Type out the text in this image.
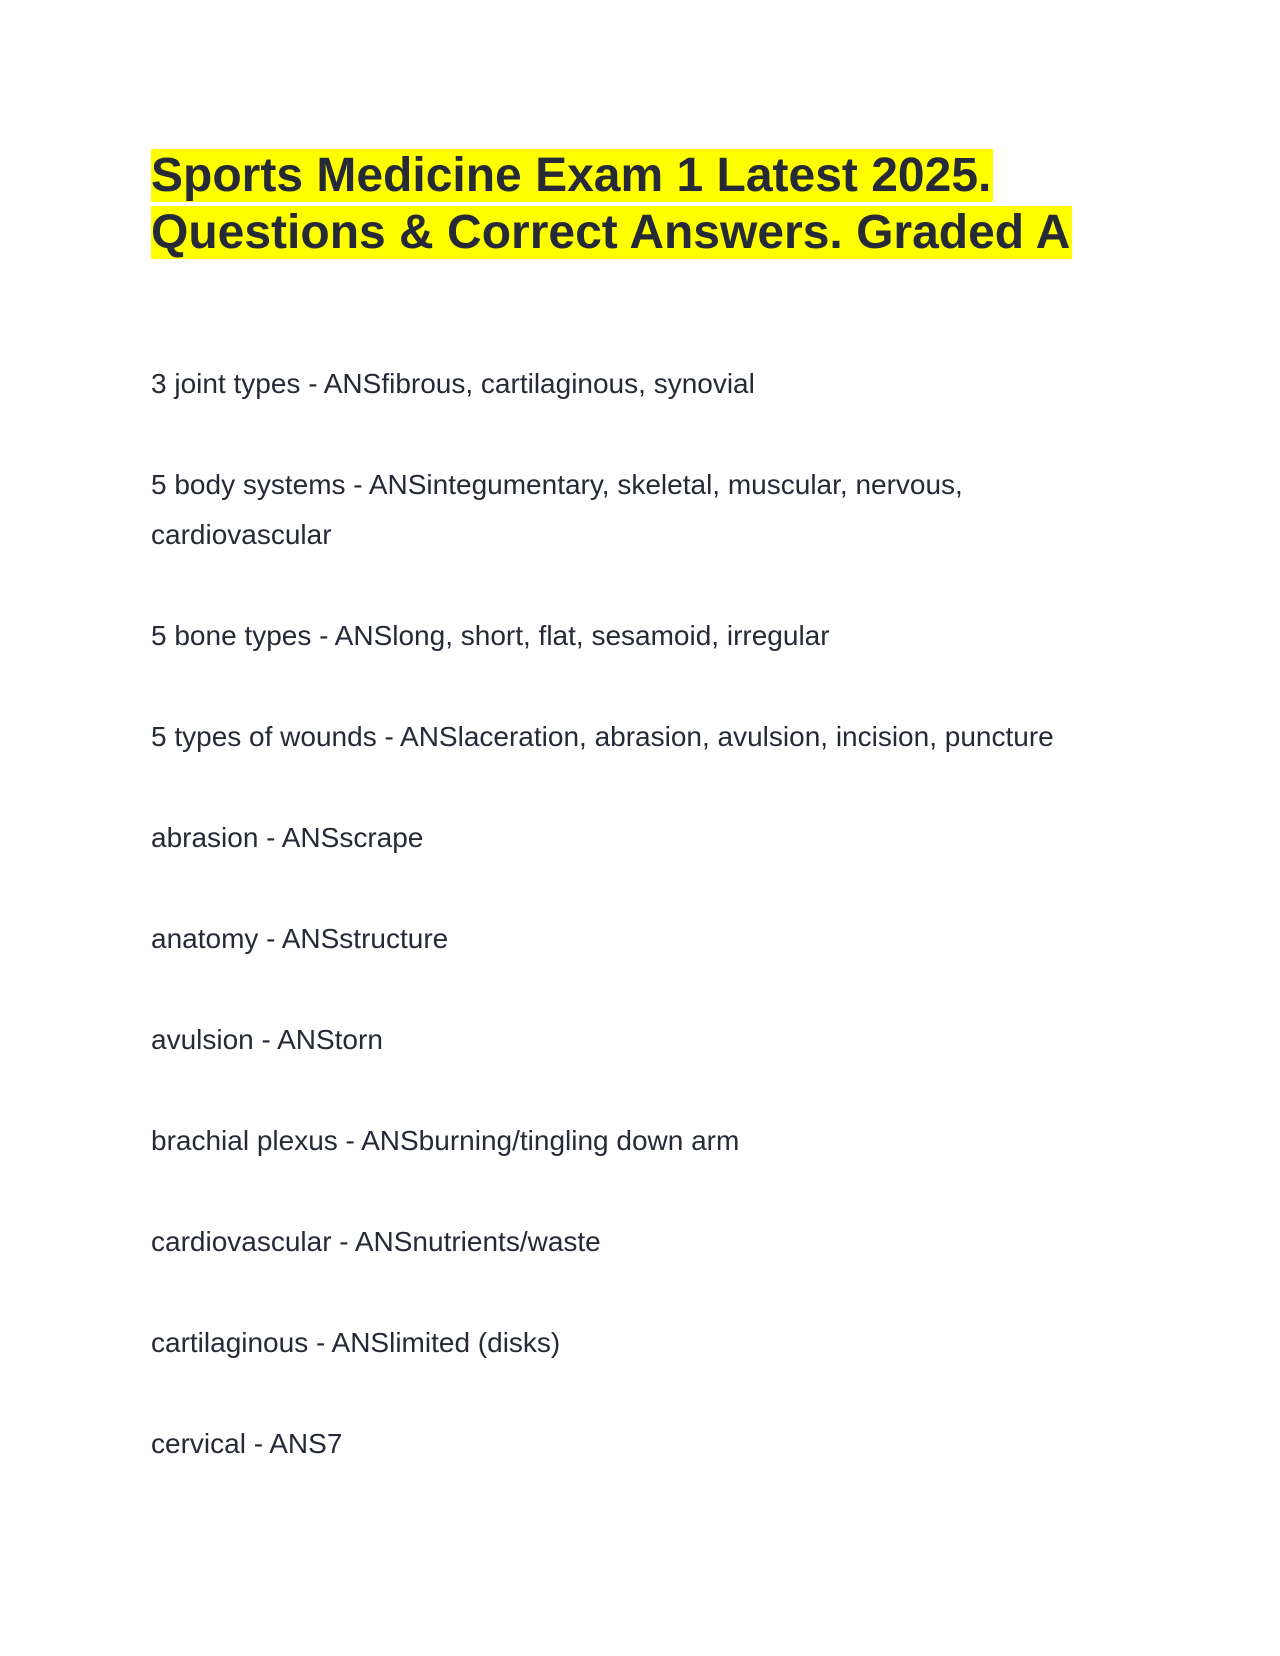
Sports Medicine Exam 1 Latest 2025.
Questions & Correct Answers. Graded A
3 joint types - ANSfibrous, cartilaginous, synovial
5 body systems - ANSintegumentary, skeletal, muscular, nervous, cardiovascular
5 bone types - ANSlong, short, flat, sesamoid, irregular
5 types of wounds - ANSlaceration, abrasion, avulsion, incision, puncture
abrasion - ANSscrape
anatomy - ANSstructure
avulsion - ANStorn
brachial plexus - ANSburning/tingling down arm
cardiovascular - ANSnutrients/waste
cartilaginous - ANSlimited (disks)
cervical - ANS7
